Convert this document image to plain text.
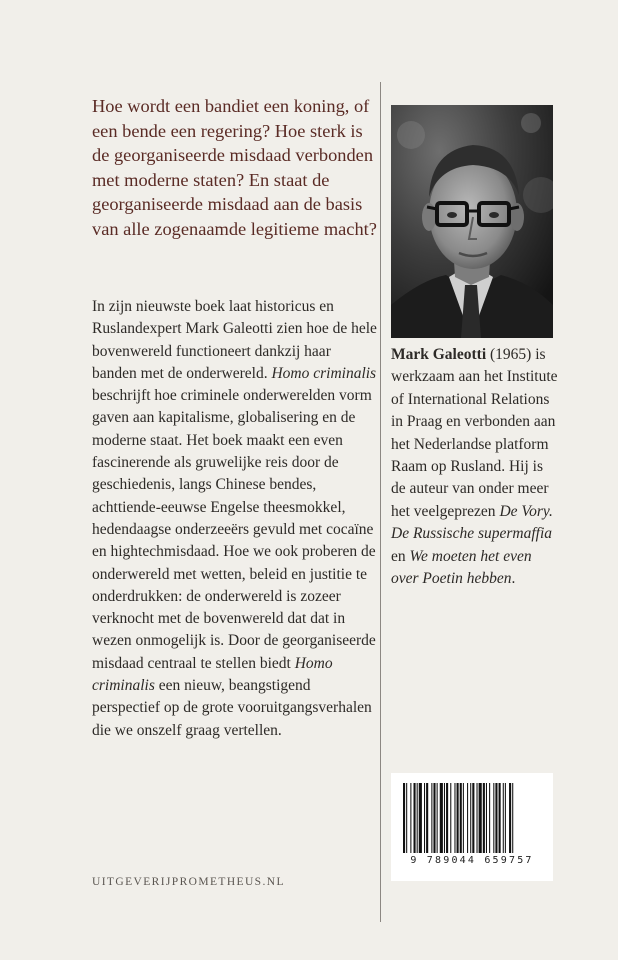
Hoe wordt een bandiet een koning, of een bende een regering? Hoe sterk is de georganiseerde misdaad verbonden met moderne staten? En staat de georganiseerde misdaad aan de basis van alle zogenaamde legitieme macht?

In zijn nieuwste boek laat historicus en Ruslandexpert Mark Galeotti zien hoe de hele bovenwereld functioneert dankzij haar banden met de onderwereld. Homo criminalis beschrijft hoe criminele onderwerelden vorm gaven aan kapitalisme, globalisering en de moderne staat. Het boek maakt een even fascinerende als gruwelijke reis door de geschiedenis, langs Chinese bendes, achttiende-eeuwse Engelse theesmokkel, hedendaagse onderzeeërs gevuld met cocaïne en hightechmisdaad. Hoe we ook proberen de onderwereld met wetten, beleid en justitie te onderdrukken: de onderwereld is zozeer verknocht met de bovenwereld dat dat in wezen onmogelijk is. Door de georganiseerde misdaad centraal te stellen biedt Homo criminalis een nieuw, beangstigend perspectief op de grote vooruitgangsverhalen die we onszelf graag vertellen.

UITGEVERIJPROMETHEUS.NL

Mark Galeotti (1965) is werkzaam aan het Institute of International Relations in Praag en verbonden aan het Nederlandse platform Raam op Rusland. Hij is de auteur van onder meer het veelgeprezen De Vory. De Russische supermaffia en We moeten het even over Poetin hebben.

9 789044 659757
